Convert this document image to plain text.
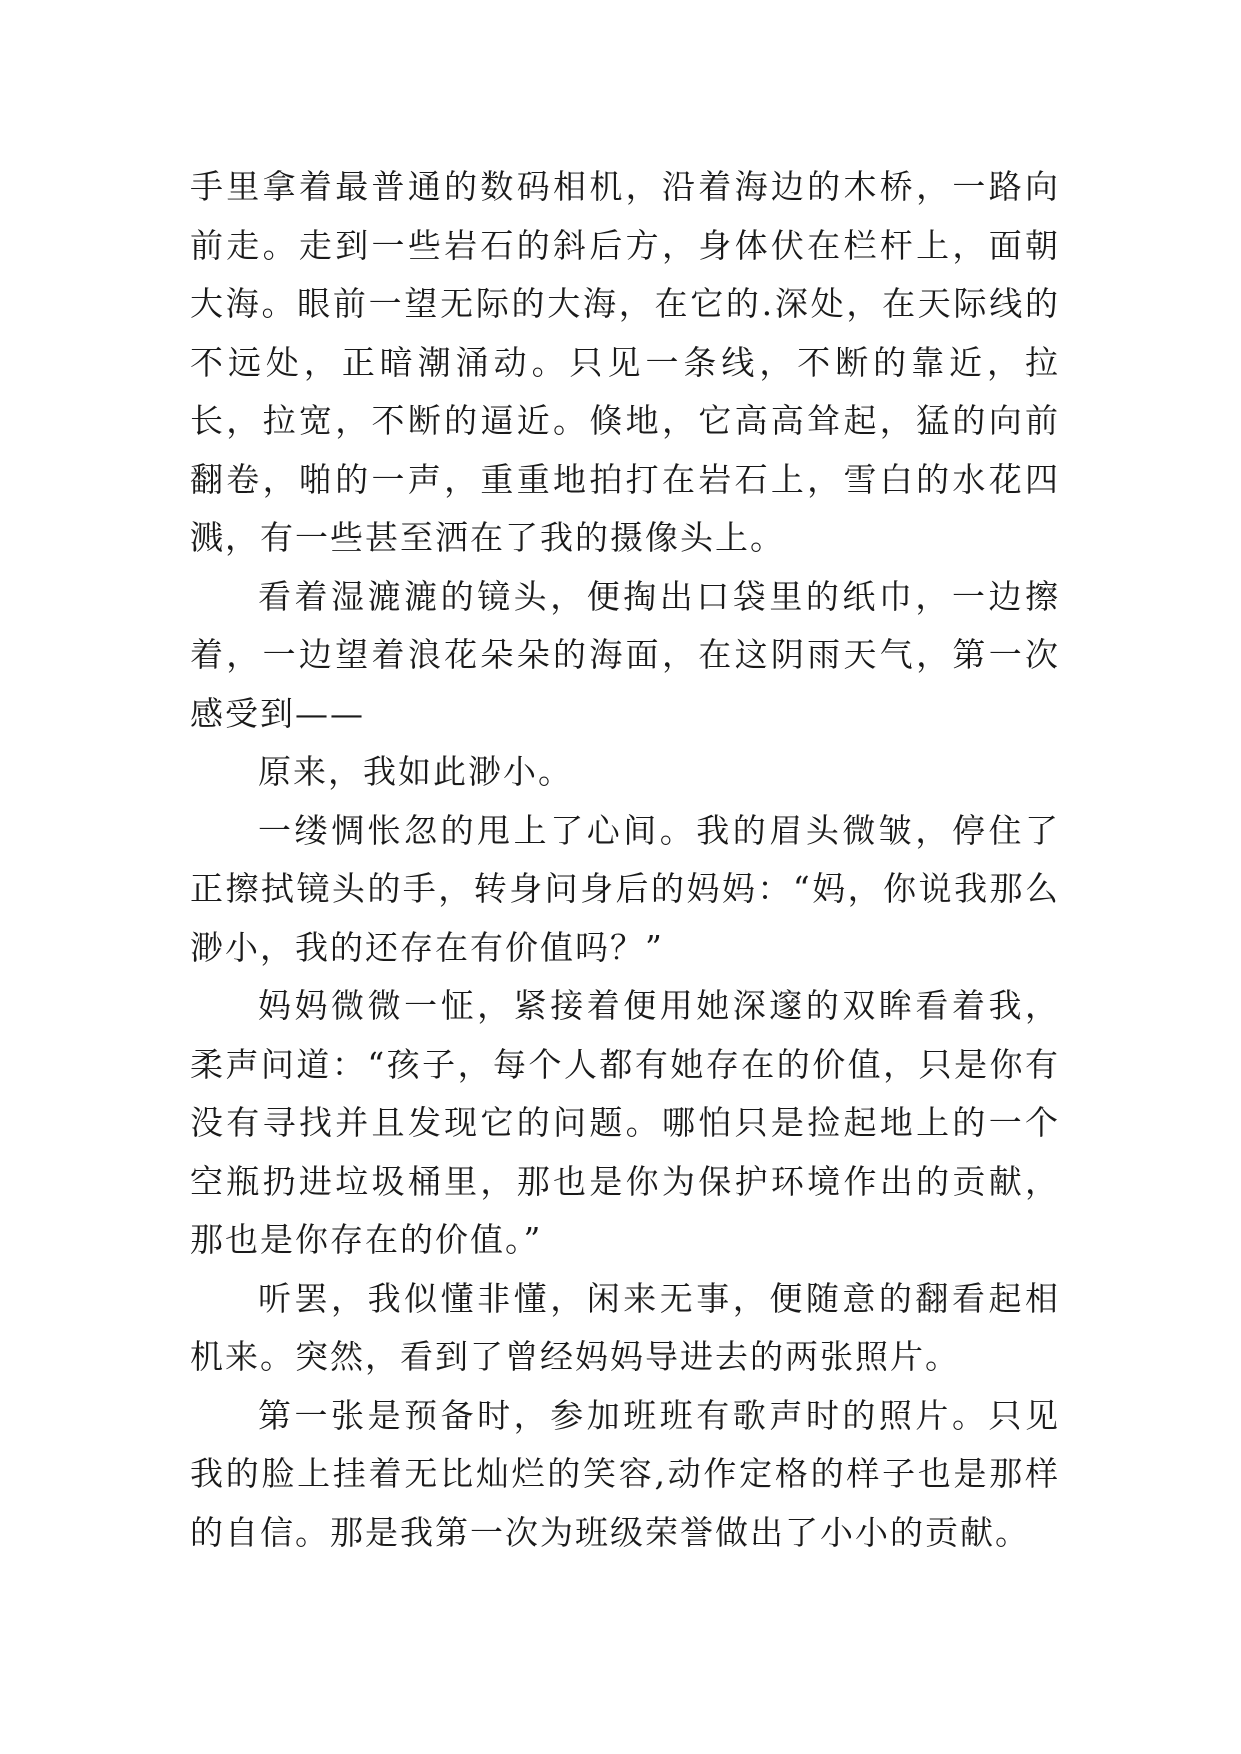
手里拿着最普通的数码相机，沿着海边的木桥，一路向前走。走到一些岩石的斜后方，身体伏在栏杆上，面朝大海。眼前一望无际的大海，在它的.深处，在天际线的不远处，正暗潮涌动。只见一条线，不断的靠近，拉长，拉宽，不断的逼近。倏地，它高高耸起，猛的向前翻卷，啪的一声，重重地拍打在岩石上，雪白的水花四溅，有一些甚至洒在了我的摄像头上。

看着湿漉漉的镜头，便掏出口袋里的纸巾，一边擦着，一边望着浪花朵朵的海面，在这阴雨天气，第一次感受到——

原来，我如此渺小。

一缕惆怅忽的甩上了心间。我的眉头微皱，停住了正擦拭镜头的手，转身问身后的妈妈：“妈，你说我那么渺小，我的还存在有价值吗？”

妈妈微微一怔，紧接着便用她深邃的双眸看着我，柔声问道：“孩子，每个人都有她存在的价值，只是你有没有寻找并且发现它的问题。哪怕只是捡起地上的一个空瓶扔进垃圾桶里，那也是你为保护环境作出的贡献，那也是你存在的价值。”

听罢，我似懂非懂，闲来无事，便随意的翻看起相机来。突然，看到了曾经妈妈导进去的两张照片。

第一张是预备时，参加班班有歌声时的照片。只见我的脸上挂着无比灿烂的笑容,动作定格的样子也是那样的自信。那是我第一次为班级荣誉做出了小小的贡献。
